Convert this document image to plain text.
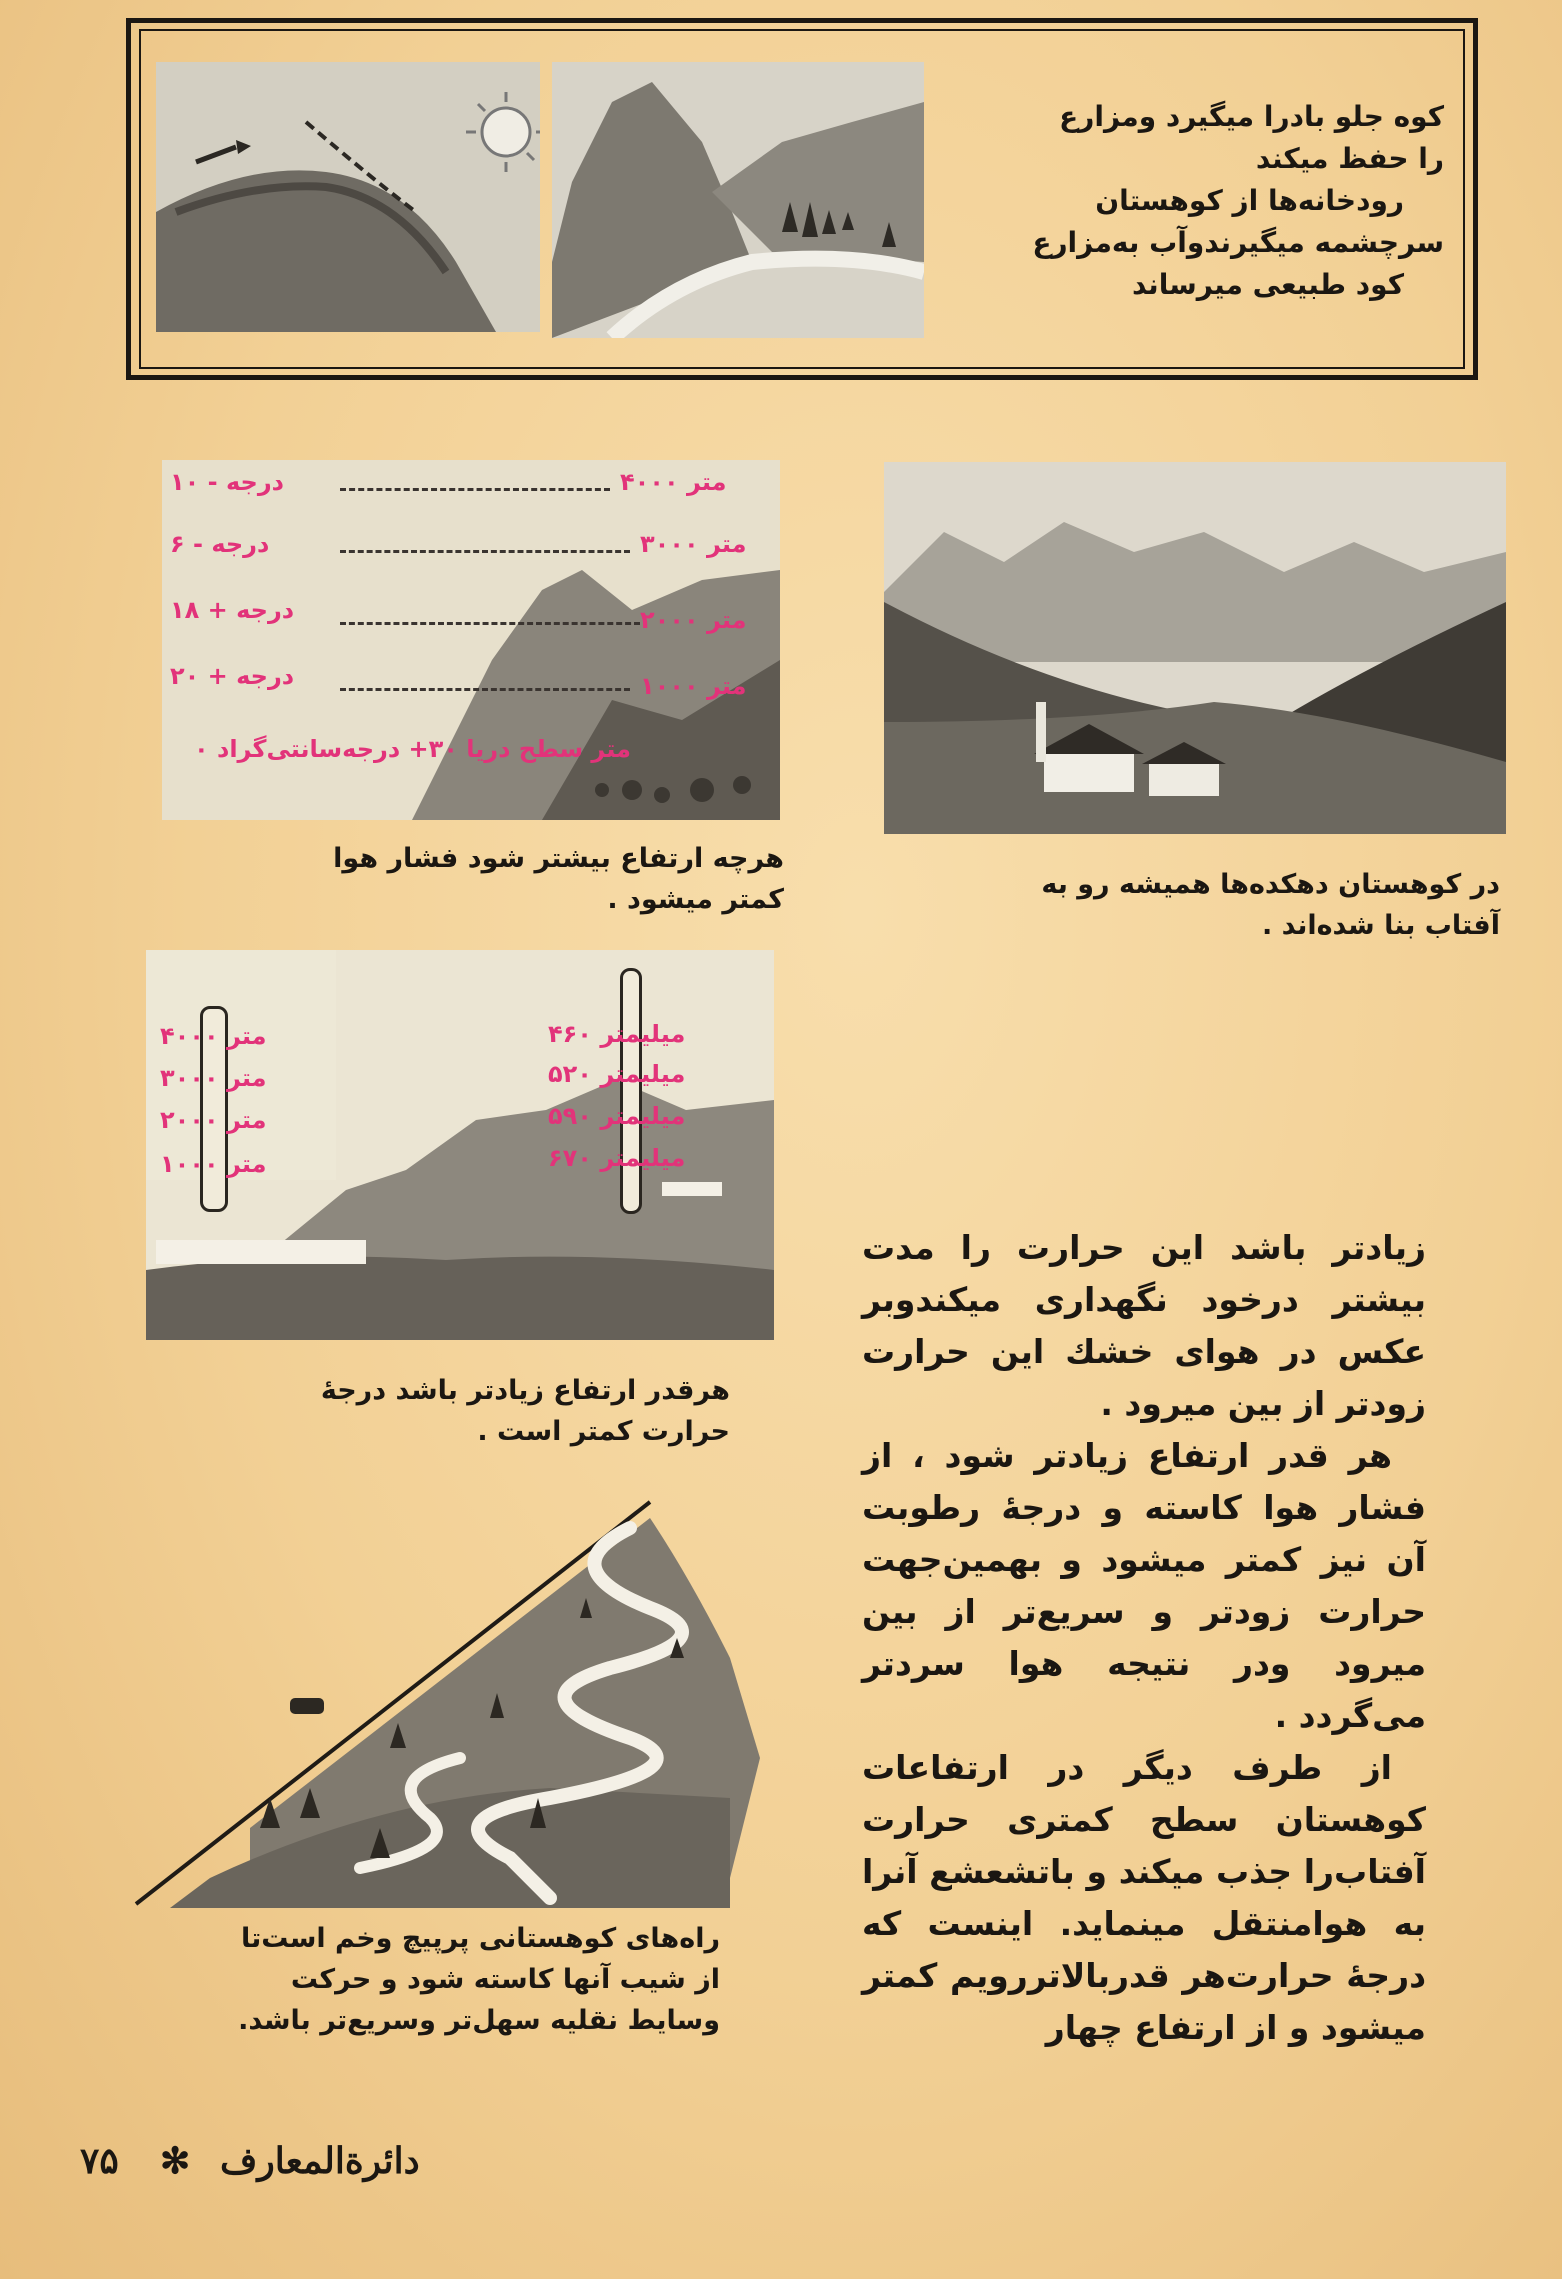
کوه جلو بادرا میگیرد ومزارع
را حفظ میکند
رودخانه‌ها از کوهستان
سرچشمه میگیرندوآب به‌مزارع
کود طبیعی میرساند
۱۰ - درجه	۴۰۰۰ متر
۶ - درجه	۳۰۰۰ متر
۱۸ + درجه	۲۰۰۰ متر
۲۰ + درجه	۱۰۰۰ متر
۰ متر سطح دریا ۳۰+ درجه‌سانتی‌گراد
هرچه ارتفاع بیشتر شود فشار هوا
کمتر میشود .	در کوهستان دهکده‌ها همیشه رو به
آفتاب بنا شده‌اند .
۴۰۰۰ متر
۳۰۰۰ متر
۲۰۰۰ متر
۱۰۰۰ متر
۴۶۰ میلیمتر
۵۲۰ میلیمتر
۵۹۰ میلیمتر
۶۷۰ میلیمتر
هرقدر ارتفاع زیادتر باشد درجهٔ
حرارت کمتر است .
راه‌های کوهستانی پرپیچ وخم است‌تا
از شیب آنها کاسته شود و حرکت
وسایط نقلیه سهل‌تر وسریع‌تر باشد.

زیادتر باشد این حرارت را مدت بیشتر درخود نگهداری میکندوبر عکس در هوای خشك این حرارت زودتر از بین میرود .

هر قدر ارتفاع زیادتر شود ، از فشار هوا کاسته و درجهٔ رطوبت آن نیز کمتر میشود و بهمین‌جهت حرارت زودتر و سریع‌تر از بین میرود ودر نتیجه هوا سردتر می‌گردد .

از طرف دیگر در ارتفاعات کوهستان سطح کمتری حرارت آفتاب‌را جذب میکند و باتشعشع آنرا به هوامنتقل مینماید. اینست که درجهٔ حرارت‌هر قدربالاتررویم کمتر میشود و از ارتفاع چهار

۷۵ ✻ دائرة‌المعارف
